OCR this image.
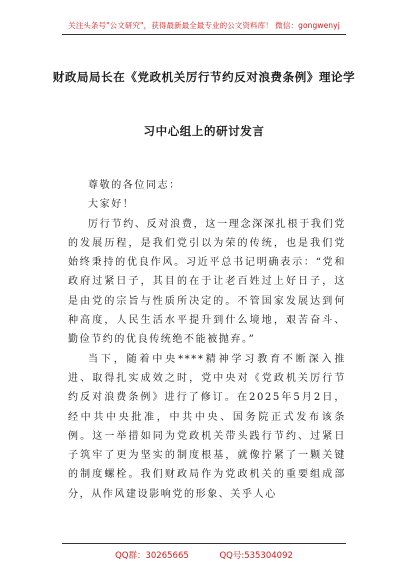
关注头条号"公文研究"，获得最新最全最专业的公文资料库！ 微信：gongwenyj
财政局局长在《党政机关厉行节约反对浪费条例》理论学
习中心组上的研讨发言

尊敬的各位同志：

大家好！

厉行节约、反对浪费，这一理念深深扎根于我们党的发展历程，是我们党引以为荣的传统，也是我们党始终秉持的优良作风。习近平总书记明确表示：“党和政府过紧日子，其目的在于让老百姓过上好日子，这是由党的宗旨与性质所决定的。不管国家发展达到何种高度，人民生活水平提升到什么境地，艰苦奋斗、勤俭节约的优良传统绝不能被抛弃。”

当下，随着中央****精神学习教育不断深入推进、取得扎实成效之时，党中央对《党政机关厉行节约反对浪费条例》进行了修订。在2025年5月2日，经中共中央批准，中共中央、国务院正式发布该条例。这一举措如同为党政机关带头践行节约、过紧日子筑牢了更为坚实的制度根基，就像拧紧了一颗关键的制度螺栓。我们财政局作为党政机关的重要组成部分，从作风建设影响党的形象、关乎人心

QQ群：30265665	QQ号:535304092
